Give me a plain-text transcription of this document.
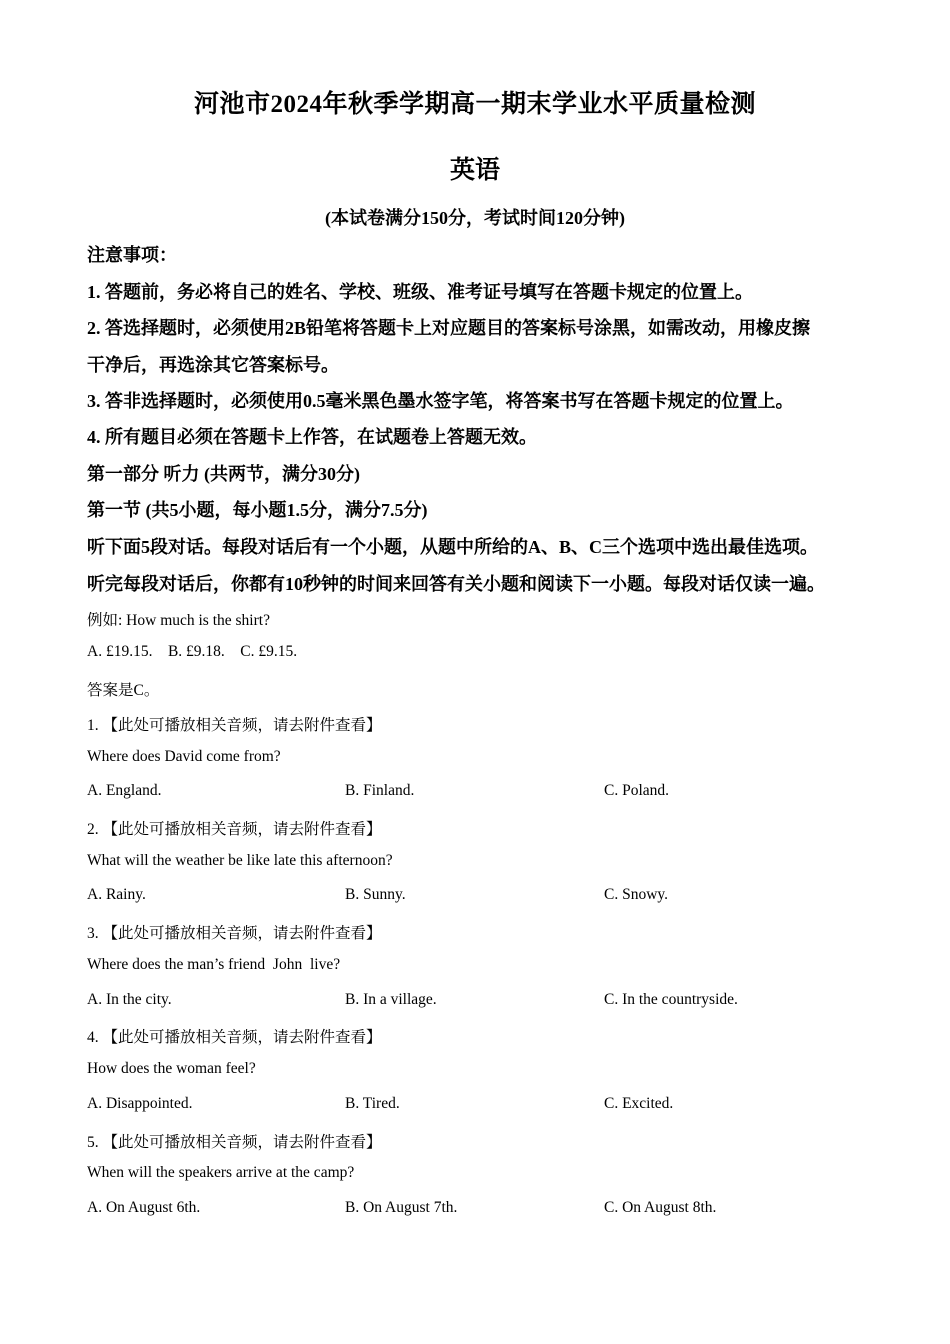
河池市2024年秋季学期高一期末学业水平质量检测
英语
(本试卷满分150分，考试时间120分钟)
注意事项：
1. 答题前，务必将自己的姓名、学校、班级、准考证号填写在答题卡规定的位置上。
2. 答选择题时，必须使用2B铅笔将答题卡上对应题目的答案标号涂黑，如需改动，用橡皮擦
干净后，再选涂其它答案标号。
3. 答非选择题时，必须使用0.5毫米黑色墨水签字笔，将答案书写在答题卡规定的位置上。
4. 所有题目必须在答题卡上作答，在试题卷上答题无效。
第一部分 听力 (共两节，满分30分)
第一节 (共5小题，每小题1.5分，满分7.5分)
听下面5段对话。每段对话后有一个小题，从题中所给的A、B、C三个选项中选出最佳选项。
听完每段对话后，你都有10秒钟的时间来回答有关小题和阅读下一小题。每段对话仅读一遍。
例如: How much is the shirt?
A. £19.15.    B. £9.18.    C. £9.15.
答案是C。
1. 【此处可播放相关音频，请去附件查看】
Where does David come from?
A. England.	B. Finland.	C. Poland.
2. 【此处可播放相关音频，请去附件查看】
What will the weather be like late this afternoon?
A. Rainy.	B. Sunny.	C. Snowy.
3. 【此处可播放相关音频，请去附件查看】
Where does the man’s friend  John  live?
A. In the city.	B. In a village.	C. In the countryside.
4. 【此处可播放相关音频，请去附件查看】
How does the woman feel?
A. Disappointed.	B. Tired.	C. Excited.
5. 【此处可播放相关音频，请去附件查看】
When will the speakers arrive at the camp?
A. On August 6th.	B. On August 7th.	C. On August 8th.
